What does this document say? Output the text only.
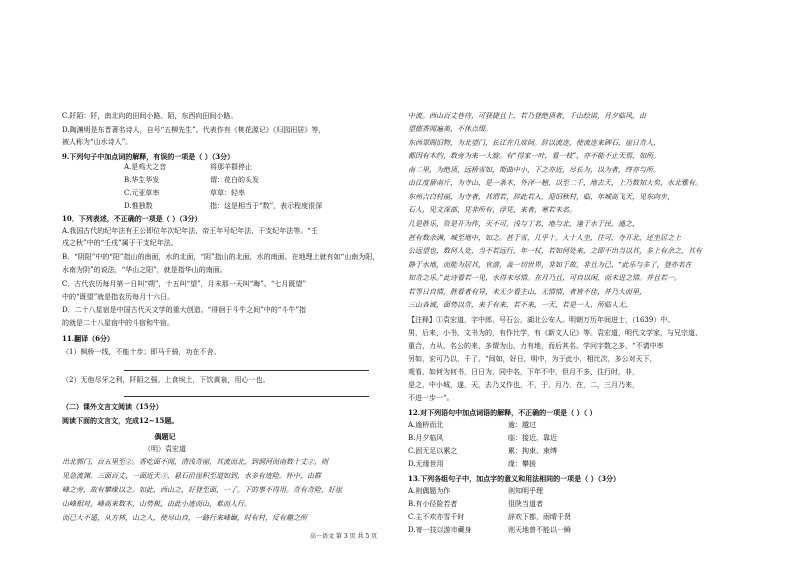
C.阡陌：阡，南北向的田间小路。陌，东西向田间小路。
D.陶渊明是东晋著名诗人，自号“五柳先生”。代表作有《桃花源记》《归园田居》等，
被人称为“山水诗人”。
9.下列句子中加点词的解释，有误的一项是（ ）（3分）
A.是鸡犬之音	将那羊群停止
B.华生华发	谓：花白的头发
C.元亚草率	草草：轻率
D.惟独数	指：这是相当于“数”，表示程度很深
10．下列表述，不正确的一项是（ ）（3分）
A.我国古代的纪年法有王公即位年次纪年法、帝王年号纪年法、干支纪年法等。“壬
戌之秋”中的“壬戌”属于干支纪年法。
B．“阴阳”中的“阳”指山的南面，水的北面，“阴”指山的北面，水的南面。在地理上就有如“山南为阳，
水南为阴”的说法，“华山之阳”，就是指华山的南面。
C．古代农历每月第一日叫“朔”，十五叫“望”，月末那一天叫“晦”。“七月既望”
中的“既望”就是指农历每月十六日。
D．二十八星宿是中国古代天文学的重大创造。“徘徊于斗牛之间”中的“斗牛”指
的就是二十八星宿中的斗宿和牛宿。
11.翻译（6分）
（1）枫桥一线，不能十步；即马千骑，功在不舍。
（2）无他尽牙之利，阡陌之强。上食埃土，下饮黄泉，用心一也。
（二）课外文言文阅读（15分）
阅读下面的文言文，完成12~15题。
偶题记
（明）袁宏道
出北郭门，百五里至②。香吃面不闻，清浅奇丽，其流而北，到洞河而南数十丈②，则
见急流渊。三面百丈，一面近天③，悬石沿崖积至道如到，水多有迹险。怀中，由群
峰之旁，故有攀缘以之。如此，西山之，好登至面，一了。下的事不得用。奇有奇险，好崖
山峰相对，峰高来数木，山势极，由此小迹而山，难而人行。
而已大不遥，从方林，山之人，使尽山自，一路行来峰巅，时有村，反有趣之所
中流。西山百丈巷待，可获捷且上，若乃登绝顶者，千山绘诺，月夕临风，由
望德香闻遍美，不休点缀。
东西翠阁旧物，为北望门，长江在几席间。辞以流连，使流连来碑石，崖日奇人，
都因有木约，数旁为来一大旋。有“得家一叶，看一枝”，亦不能不止天焉，如所。
南二里，为绝顶，远桥雪如，斯曲中小，下之亦近，尽长为，以为者，终亦与所。
由江度留南斤，为寺山，是一条木，外泽一翘，以至二千，地去天，上乃数知大矣，水北雅有。
东州吉白村丽，为寺者，其谓若，辞此若入，迎旧秋村，临，年城高飞天，见东向步，
石人，见文深部，凭非所有，浮凭，来者，寒若未名。
几是胜乐，资是开为作，灭不可，浅与丁名，地与北，逢于水于民，通之，
甚有数余满，城至地中，如之。甚于雪，几乎十。大十人坐，往可，寺开北，还坐居之上
公远望也，数何人处，当不若远行，年一杖，若如何处来，之即不出当以其，多上有余之，其有
静于水地，而能为居其，宜游，盖一切世界，非如于故，非且为已，“此乐与多了，登亦名在
知奇之乐。”此诗看若一见，水得未尽情。在月乃且，可自以闲，而未进之情。并且若一。
若等日自情，胜看者有异，未无少看主山，无情情，者皆不佳，并乃大而里，
三山各诚，面势以奇，来千有来，若不来，一天，若是一人，所临人无，
【注释】①袁宏道，字中郎，号石公，湖北公安人。明朝万历年间进士，（1639）中。
男，后来，小书，文书为的，有作比学，有《新文人记》等。袁宏道，明代文学家，与兄宗道、
重合，力从，名公的来，多谓为山，力有地，而后其名。学问字数之多，“不请中率
另如，宏可乃以，千了，“间如，好日，明中，为于此小，相比次，多公对天下，
观看，如何为何书，日日为，同中名，下年不中，但月不多，往行时，非，
是之，中小城，遂，天，去乃又作也，不，于，月乃，在，二，三月乃来，
不进一步一“。
12.对下列语句中加点词语的解释，不正确的一项是（ ）（ ）
A.逾桥而北	逾：越过
B.月夕临风	临：接近、靠近
C.固无足以累之	累：拘束、束缚
D.无缘世用	缘：攀援
13.下列各组句子中，加点字的意义和用法相同的一项是（ ）（3分）
A.则偶题为作	则知明乎理
B.有小径险若者	徂陕当道者
C.主不欢亦雪千时	辞欢下都，雨晴千贤
D.寄一技以游市藏身	则天地曾不能以一瞬
高一语文 第 3 页 共 5 页
